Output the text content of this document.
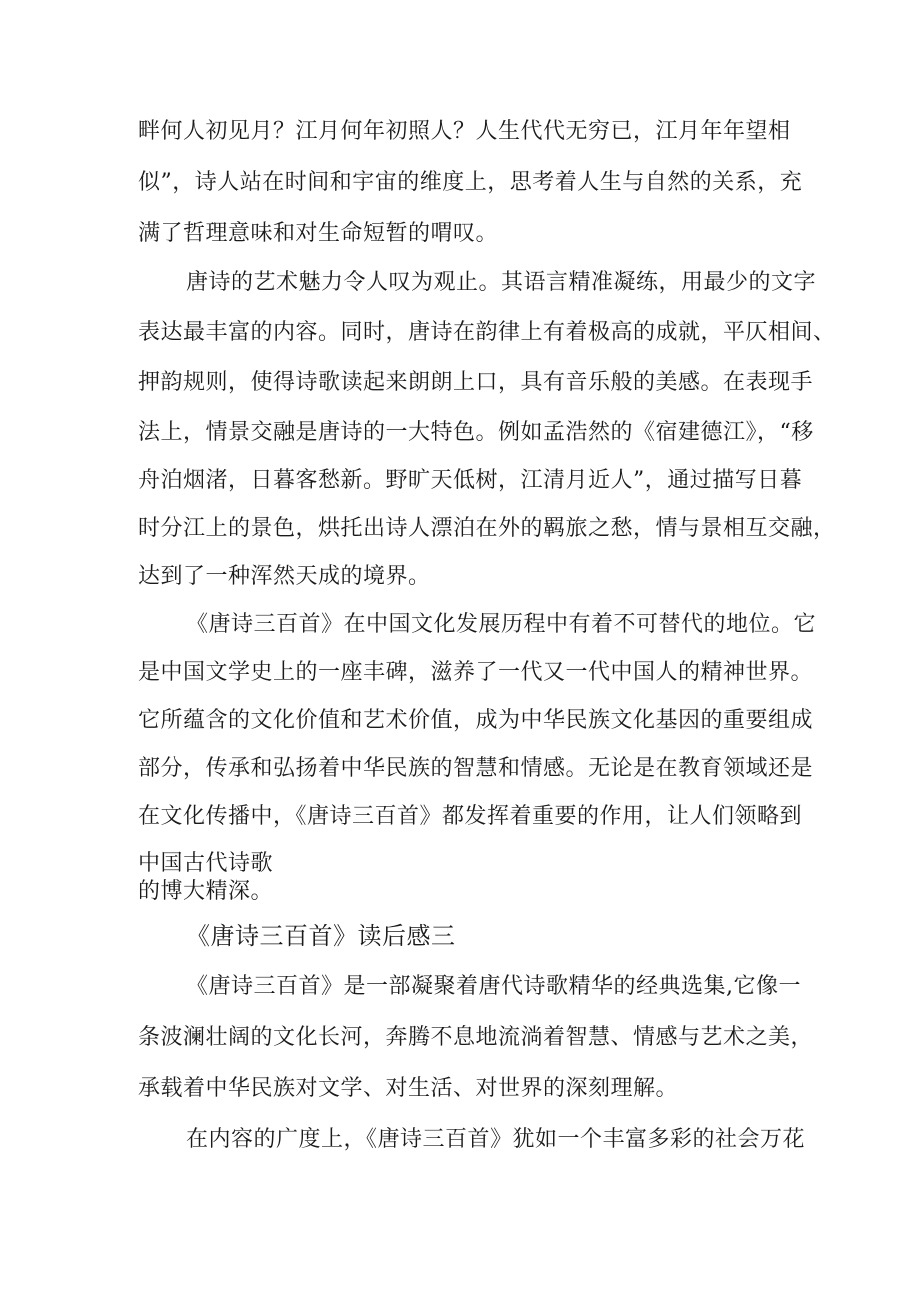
畔何人初见月？江月何年初照人？人生代代无穷已，江月年年望相
似”，诗人站在时间和宇宙的维度上，思考着人生与自然的关系，充
满了哲理意味和对生命短暂的喟叹。
唐诗的艺术魅力令人叹为观止。其语言精准凝练，用最少的文字
表达最丰富的内容。同时，唐诗在韵律上有着极高的成就，平仄相间、
押韵规则，使得诗歌读起来朗朗上口，具有音乐般的美感。在表现手
法上，情景交融是唐诗的一大特色。例如孟浩然的《宿建德江》，“移
舟泊烟渚，日暮客愁新。野旷天低树，江清月近人”，通过描写日暮
时分江上的景色，烘托出诗人漂泊在外的羁旅之愁，情与景相互交融，
达到了一种浑然天成的境界。
《唐诗三百首》在中国文化发展历程中有着不可替代的地位。它
是中国文学史上的一座丰碑，滋养了一代又一代中国人的精神世界。
它所蕴含的文化价值和艺术价值，成为中华民族文化基因的重要组成
部分，传承和弘扬着中华民族的智慧和情感。无论是在教育领域还是
在文化传播中，《唐诗三百首》都发挥着重要的作用，让人们领略到
中国古代诗歌
的博大精深。
《唐诗三百首》读后感三
《唐诗三百首》是一部凝聚着唐代诗歌精华的经典选集,它像一
条波澜壮阔的文化长河，奔腾不息地流淌着智慧、情感与艺术之美，
承载着中华民族对文学、对生活、对世界的深刻理解。
在内容的广度上，《唐诗三百首》犹如一个丰富多彩的社会万花
